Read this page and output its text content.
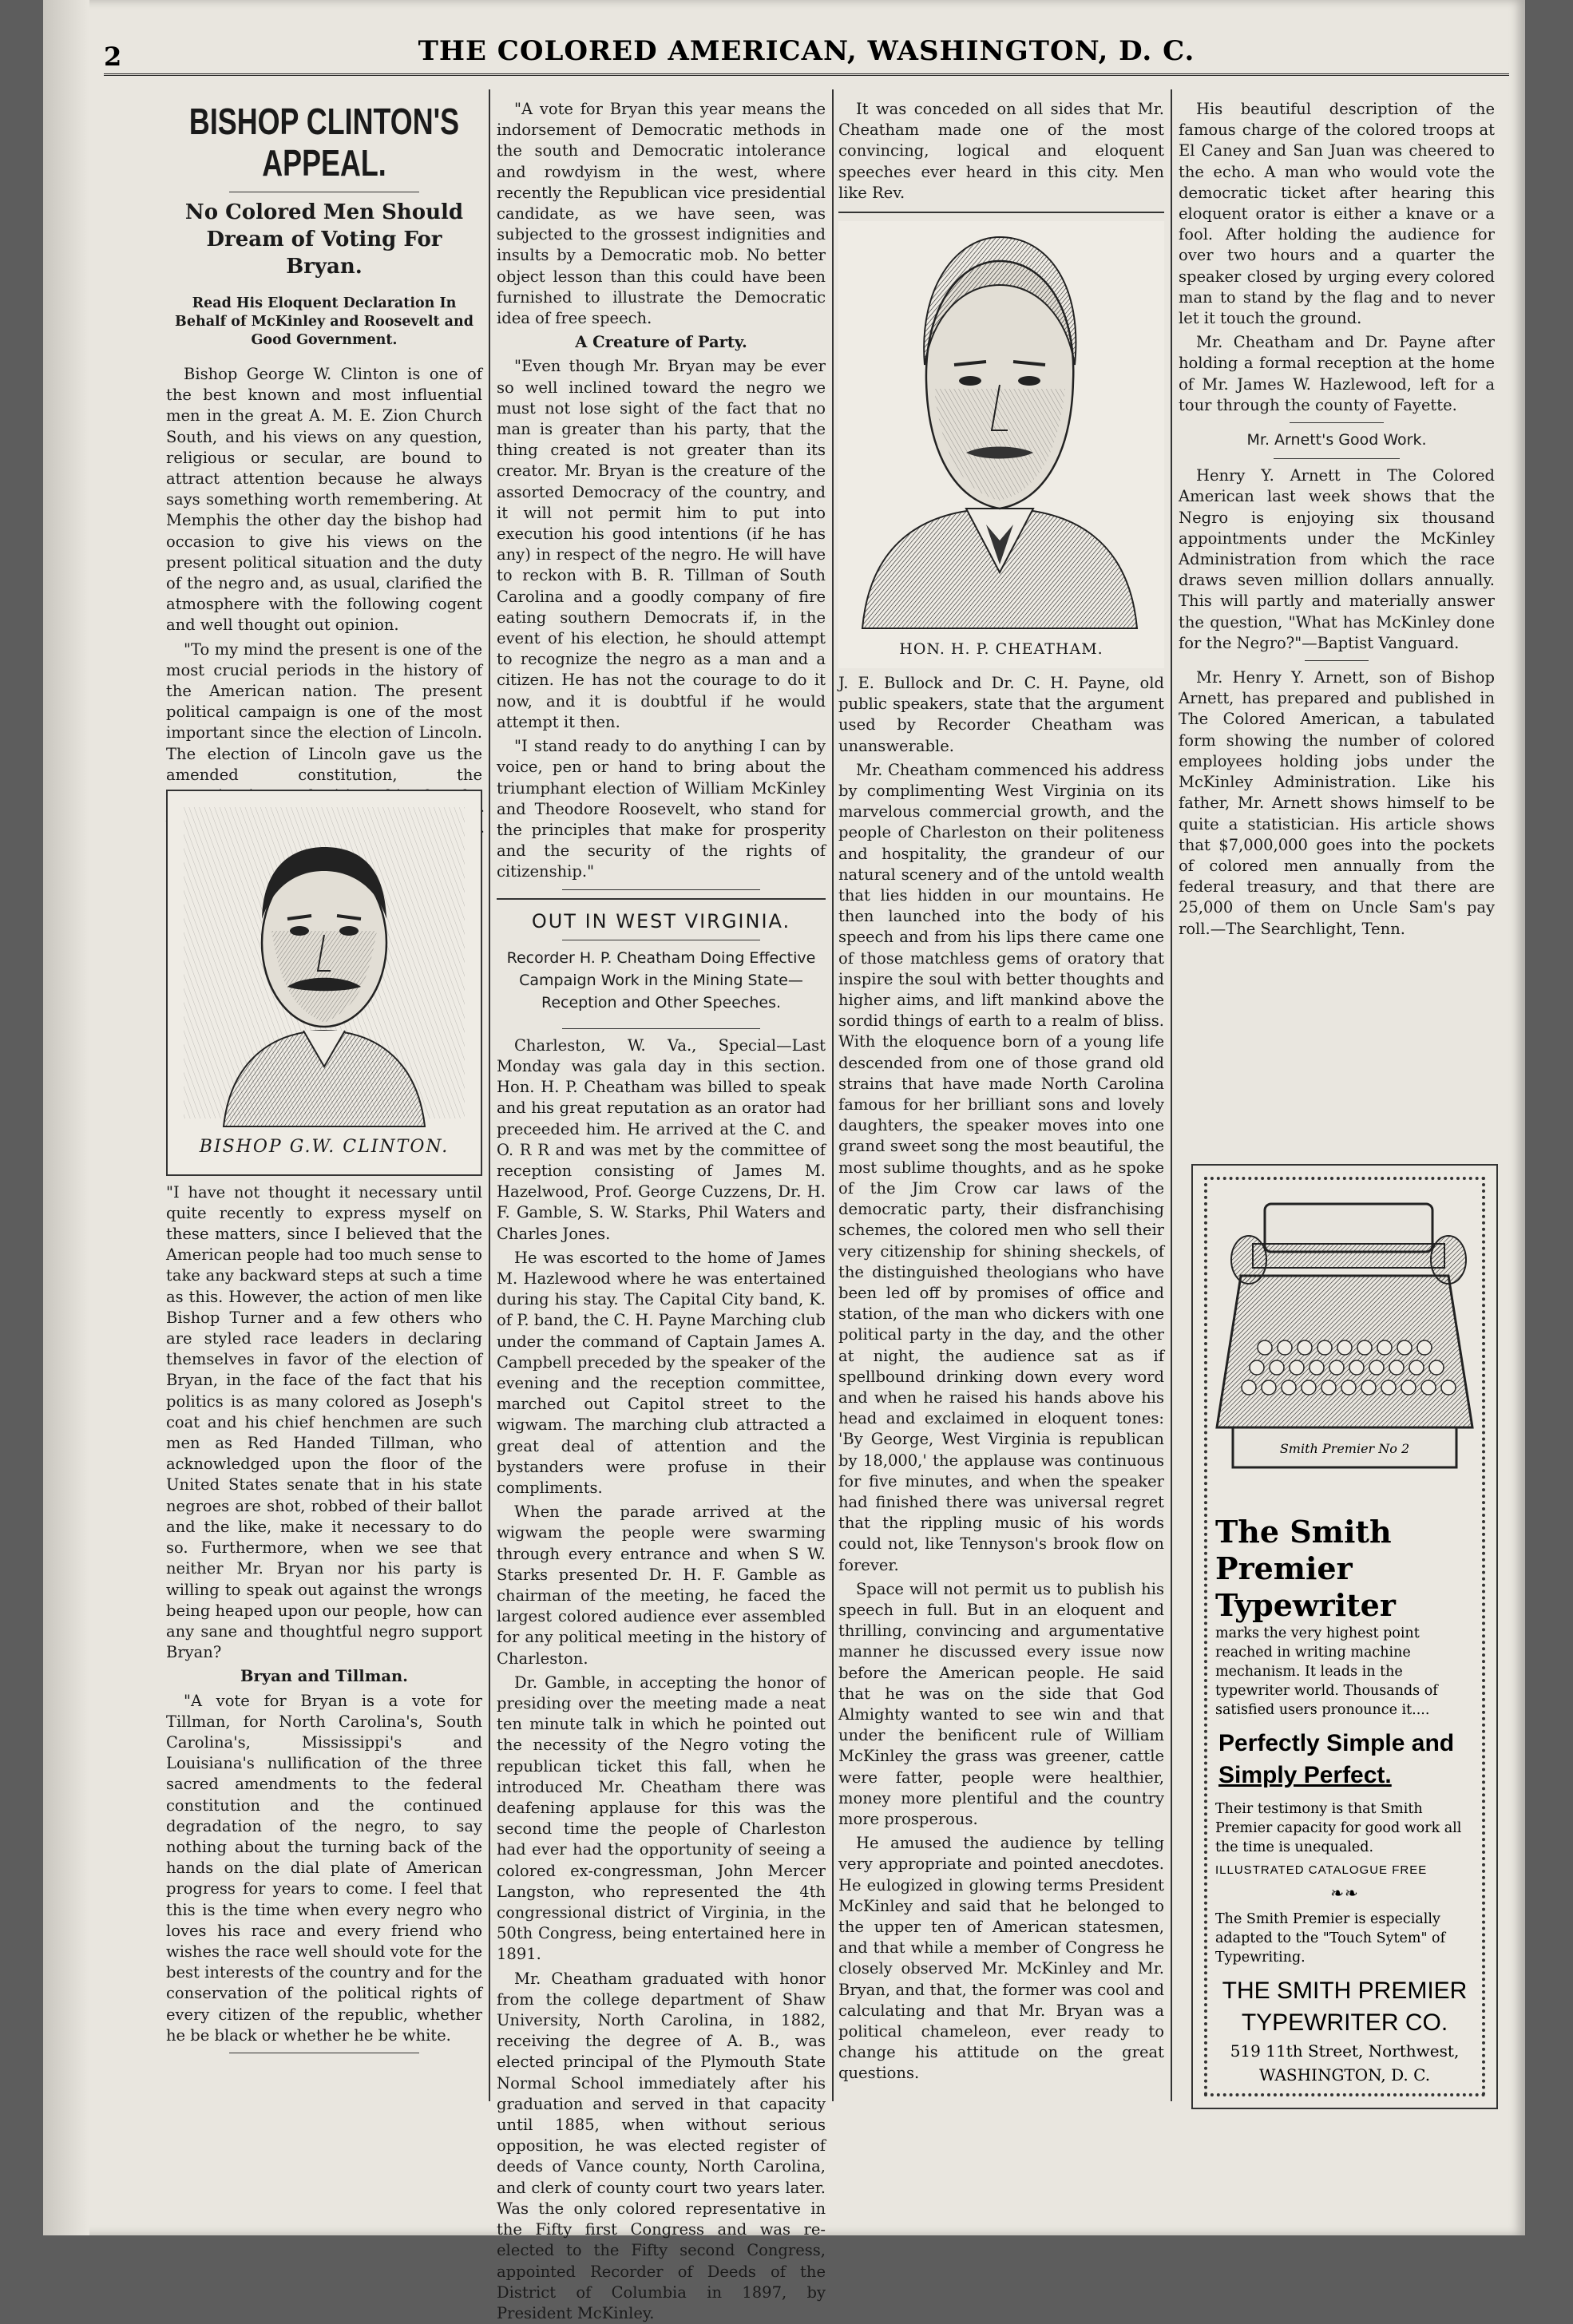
THE COLORED AMERICAN, WASHINGTON, D. C.
2
BISHOP CLINTON'S APPEAL.
No Colored Men Should Dream of Voting For Bryan.
Read His Eloquent Declaration In Behalf of McKinley and Roosevelt and Good Government.

Bishop George W. Clinton is one of the best known and most influential men in the great A. M. E. Zion Church South, and his views on any question, religious or secular, are bound to attract attention because he always says something worth remembering. At Memphis the other day the bishop had occasion to give his views on the present political situation and the duty of the negro and, as usual, clarified the atmosphere with the following cogent and well thought out opinion.

"To my mind the present is one of the most crucial periods in the history of the American nation. The present political campaign is one of the most important since the election of Lincoln. The election of Lincoln gave us the amended constitution, the

BISHOP G.W. CLINTON.

"I have not thought it necessary until quite recently to express myself on these matters, since I believed that the American people had too much sense to take any backward steps at such a time as this. However, the action of men like Bishop Turner and a few others who are styled race leaders in declaring themselves in favor of the election of Bryan, in the face of the fact that his politics is as many colored as Joseph's coat and his chief henchmen are such men as Red Handed Tillman, who acknowledged upon the floor of the United States senate that in his state negroes are shot, robbed of their ballot and the like, make it necessary to do so. Furthermore, when we see that neither Mr. Bryan nor his party is willing to speak out against the wrongs being heaped upon our people, how can any sane and thoughtful negro support Bryan?

Bryan and Tillman.

"A vote for Bryan is a vote for Tillman, for North Carolina's, South Carolina's, Mississippi's and Louisiana's nullification of the three sacred amendments to the federal constitution and the continued degradation of the negro, to say nothing about the turning back of the hands on the dial plate of American progress for years to come. I feel that this is the time when every negro who loves his race and every friend who wishes the race well should vote for the best interests of the country and for the conservation of the political rights of every citizen of the republic, whether he be black or whether he be white.

"A vote for Bryan this year means the indorsement of Democratic methods in the south and Democratic intolerance and rowdyism in the west, where recently the Republican vice presidential candidate, as we have seen, was subjected to the grossest indignities and insults by a Democratic mob. No better object lesson than this could have been furnished to illustrate the Democratic idea of free speech.

A Creature of Party.

"Even though Mr. Bryan may be ever so well inclined toward the negro we must not lose sight of the fact that no man is greater than his party, that the thing created is not greater than its creator. Mr. Bryan is the creature of the assorted Democracy of the country, and it will not permit him to put into execution his good intentions (if he has any) in respect of the negro. He will have to reckon with B. R. Tillman of South Carolina and a goodly company of fire eating southern Democrats if, in the event of his election, he should attempt to recognize the negro as a man and a citizen. He has not the courage to do it now, and it is doubtful if he would attempt it then.

"I stand ready to do anything I can by voice, pen or hand to bring about the triumphant election of William McKinley and Theodore Roosevelt, who stand for the principles that make for prosperity and the security of the rights of citizenship."

OUT IN WEST VIRGINIA.
Recorder H. P. Cheatham Doing Effective Campaign Work in the Mining State—Reception and Other Speeches.

Charleston, W. Va., Special—Last Monday was gala day in this section. Hon. H. P. Cheatham was billed to speak and his great reputation as an orator had preceeded him. He arrived at the C. and O. R R and was met by the committee of reception consisting of James M. Hazelwood, Prof. George Cuzzens, Dr. H. F. Gamble, S. W. Starks, Phil Waters and Charles Jones.

He was escorted to the home of James M. Hazlewood where he was entertained during his stay. The Capital City band, K. of P. band, the C. H. Payne Marching club under the command of Captain James A. Campbell preceded by the speaker of the evening and the reception committee, marched out Capitol street to the wigwam. The marching club attracted a great deal of attention and the bystanders were profuse in their compliments.

When the parade arrived at the wigwam the people were swarming through every entrance and when S W. Starks presented Dr. H. F. Gamble as chairman of the meeting, he faced the largest colored audience ever assembled for any political meeting in the history of Charleston.

Dr. Gamble, in accepting the honor of presiding over the meeting made a neat ten minute talk in which he pointed out the necessity of the Negro voting the republican ticket this fall, when he introduced Mr. Cheatham there was deafening applause for this was the second time the people of Charleston had ever had the opportunity of seeing a colored ex-congressman, John Mercer Langston, who represented the 4th congressional district of Virginia, in the 50th Congress, being entertained here in 1891.

Mr. Cheatham graduated with honor from the college department of Shaw University, North Carolina, in 1882, receiving the degree of A. B., was elected principal of the Plymouth State Normal School immediately after his graduation and served in that capacity until 1885, when without serious opposition, he was elected register of deeds of Vance county, North Carolina, and clerk of county court two years later. Was the only colored representative in the Fifty first Congress and was re-elected to the Fifty second Congress, appointed Recorder of Deeds of the District of Columbia in 1897, by President McKinley.

It was conceded on all sides that Mr. Cheatham made one of the most convincing, logical and eloquent speeches ever heard in this city. Men like Rev.

HON. H. P. CHEATHAM.

J. E. Bullock and Dr. C. H. Payne, old public speakers, state that the argument used by Recorder Cheatham was unanswerable.

Mr. Cheatham commenced his address by complimenting West Virginia on its marvelous commercial growth, and the people of Charleston on their politeness and hospitality, the grandeur of our natural scenery and of the untold wealth that lies hidden in our mountains. He then launched into the body of his speech and from his lips there came one of those matchless gems of oratory that inspire the soul with better thoughts and higher aims, and lift mankind above the sordid things of earth to a realm of bliss. With the eloquence born of a young life descended from one of those grand old strains that have made North Carolina famous for her brilliant sons and lovely daughters, the speaker moves into one grand sweet song the most beautiful, the most sublime thoughts, and as he spoke of the Jim Crow car laws of the democratic party, their disfranchising schemes, the colored men who sell their very citizenship for shining sheckels, of the distinguished theologians who have been led off by promises of office and station, of the man who dickers with one political party in the day, and the other at night, the audience sat as if spellbound drinking down every word and when he raised his hands above his head and exclaimed in eloquent tones: 'By George, West Virginia is republican by 18,000,' the applause was continuous for five minutes, and when the speaker had finished there was universal regret that the rippling music of his words could not, like Tennyson's brook flow on forever.

Space will not permit us to publish his speech in full. But in an eloquent and thrilling, convincing and argumentative manner he discussed every issue now before the American people. He said that he was on the side that God Almighty wanted to see win and that under the benificent rule of William McKinley the grass was greener, cattle were fatter, people were healthier, money more plentiful and the country more prosperous.

He amused the audience by telling very appropriate and pointed anecdotes. He eulogized in glowing terms President McKinley and said that he belonged to the upper ten of American statesmen, and that while a member of Congress he closely observed Mr. McKinley and Mr. Bryan, and that, the former was cool and calculating and that Mr. Bryan was a political chameleon, ever ready to change his attitude on the great questions.

His beautiful description of the famous charge of the colored troops at El Caney and San Juan was cheered to the echo. A man who would vote the democratic ticket after hearing this eloquent orator is either a knave or a fool. After holding the audience for over two hours and a quarter the speaker closed by urging every colored man to stand by the flag and to never let it touch the ground.

Mr. Cheatham and Dr. Payne after holding a formal reception at the home of Mr. James W. Hazlewood, left for a tour through the county of Fayette.

Mr. Arnett's Good Work.

Henry Y. Arnett in The Colored American last week shows that the Negro is enjoying six thousand appointments under the McKinley Administration from which the race draws seven million dollars annually. This will partly and materially answer the question, "What has McKinley done for the Negro?"—Baptist Vanguard.

Mr. Henry Y. Arnett, son of Bishop Arnett, has prepared and published in The Colored American, a tabulated form showing the number of colored employees holding jobs under the McKinley Administration. Like his father, Mr. Arnett shows himself to be quite a statistician. His article shows that $7,000,000 goes into the pockets of colored men annually from the federal treasury, and that there are 25,000 of them on Uncle Sam's pay roll.—The Searchlight, Tenn.

Smith Premier No 2
The Smith Premier
Typewriter
marks the very highest point reached in writing machine mechanism. It leads in the typewriter world. Thousands of satisfied users pronounce it....
Perfectly Simple and
Simply Perfect.
Their testimony is that Smith Premier capacity for good work all the time is unequaled.
ILLUSTRATED CATALOGUE FREE
❧❧
The Smith Premier is especially adapted to the "Touch Sytem" of Typewriting.
THE SMITH PREMIER
TYPEWRITER CO.
519 11th Street, Northwest,
WASHINGTON, D. C.
